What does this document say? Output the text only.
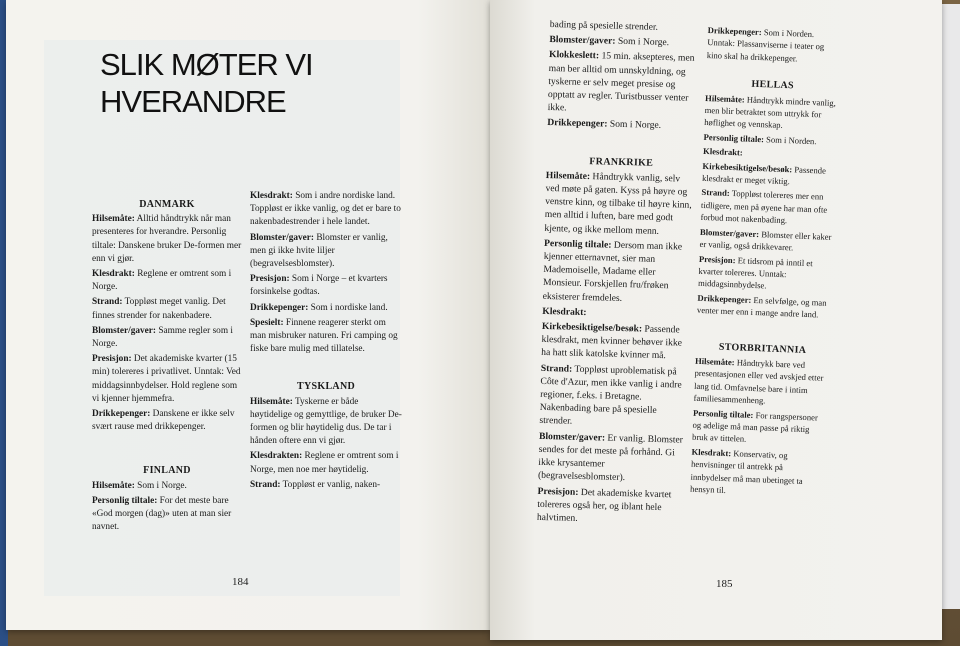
SLIK MØTER VI
HVERANDRE

DANMARK

Hilsemåte: Alltid håndtrykk når man presenteres for hverandre. Personlig tiltale: Danskene bruker De-formen mer enn vi gjør.

Klesdrakt: Reglene er omtrent som i Norge.

Strand: Toppløst meget vanlig. Det finnes strender for nakenbadere.

Blomster/gaver: Samme regler som i Norge.

Presisjon: Det akademiske kvarter (15 min) tolereres i privatlivet. Unntak: Ved middagsinnbydelser. Hold reglene som vi kjenner hjemmefra.

Drikkepenger: Danskene er ikke selv svært rause med drikkepenger.

FINLAND

Hilsemåte: Som i Norge.

Personlig tiltale: For det meste bare «God morgen (dag)» uten at man sier navnet.

Klesdrakt: Som i andre nordiske land. Toppløst er ikke vanlig, og det er bare to nakenbadestrender i hele landet.

Blomster/gaver: Blomster er vanlig, men gi ikke hvite liljer (begravelsesblomster).

Presisjon: Som i Norge – et kvarters forsinkelse godtas.

Drikkepenger: Som i nordiske land.

Spesielt: Finnene reagerer sterkt om man misbruker naturen. Fri camping og fiske bare mulig med tillatelse.

TYSKLAND

Hilsemåte: Tyskerne er både høytidelige og gemyttlige, de bruker De-formen og blir høytidelig dus. De tar i hånden oftere enn vi gjør.

Klesdrakten: Reglene er omtrent som i Norge, men noe mer høytidelig.

Strand: Toppløst er vanlig, naken-

184

bading på spesielle strender.

Blomster/gaver: Som i Norge.

Klokkeslett: 15 min. aksepteres, men man ber alltid om unnskyldning, og tyskerne er selv meget presise og opptatt av regler. Turistbusser venter ikke.

Drikkepenger: Som i Norge.

FRANKRIKE

Hilsemåte: Håndtrykk vanlig, selv ved møte på gaten. Kyss på høyre og venstre kinn, og tilbake til høyre kinn, men alltid i luften, bare med godt kjente, og ikke mellom menn.

Personlig tiltale: Dersom man ikke kjenner etternavnet, sier man Mademoiselle, Madame eller Monsieur. Forskjellen fru/frøken eksisterer fremdeles.

Klesdrakt:

Kirkebesiktigelse/besøk: Passende klesdrakt, men kvinner behøver ikke ha hatt slik katolske kvinner må.

Strand: Toppløst uproblematisk på Côte d'Azur, men ikke vanlig i andre regioner, f.eks. i Bretagne. Nakenbading bare på spesielle strender.

Blomster/gaver: Er vanlig. Blomster sendes for det meste på forhånd. Gi ikke krysantemer (begravelsesblomster).

Presisjon: Det akademiske kvartet tolereres også her, og iblant hele halvtimen.

Drikkepenger: Som i Norden. Unntak: Plassanviserne i teater og kino skal ha drikkepenger.

HELLAS

Hilsemåte: Håndtrykk mindre vanlig, men blir betraktet som uttrykk for høflighet og vennskap.

Personlig tiltale: Som i Norden.

Klesdrakt:

Kirkebesiktigelse/besøk: Passende klesdrakt er meget viktig.

Strand: Toppløst tolereres mer enn tidligere, men på øyene har man ofte forbud mot nakenbading.

Blomster/gaver: Blomster eller kaker er vanlig, også drikkevarer.

Presisjon: Et tidsrom på inntil et kvarter tolereres. Unntak: middagsinnbydelse.

Drikkepenger: En selvfølge, og man venter mer enn i mange andre land.

STORBRITANNIA

Hilsemåte: Håndtrykk bare ved presentasjonen eller ved avskjed etter lang tid. Omfavnelse bare i intim familiesammenheng.

Personlig tiltale: For rangspersoner og adelige må man passe på riktig bruk av tittelen.

Klesdrakt: Konservativ, og henvisninger til antrekk på innbydelser må man ubetinget ta hensyn til.

185
